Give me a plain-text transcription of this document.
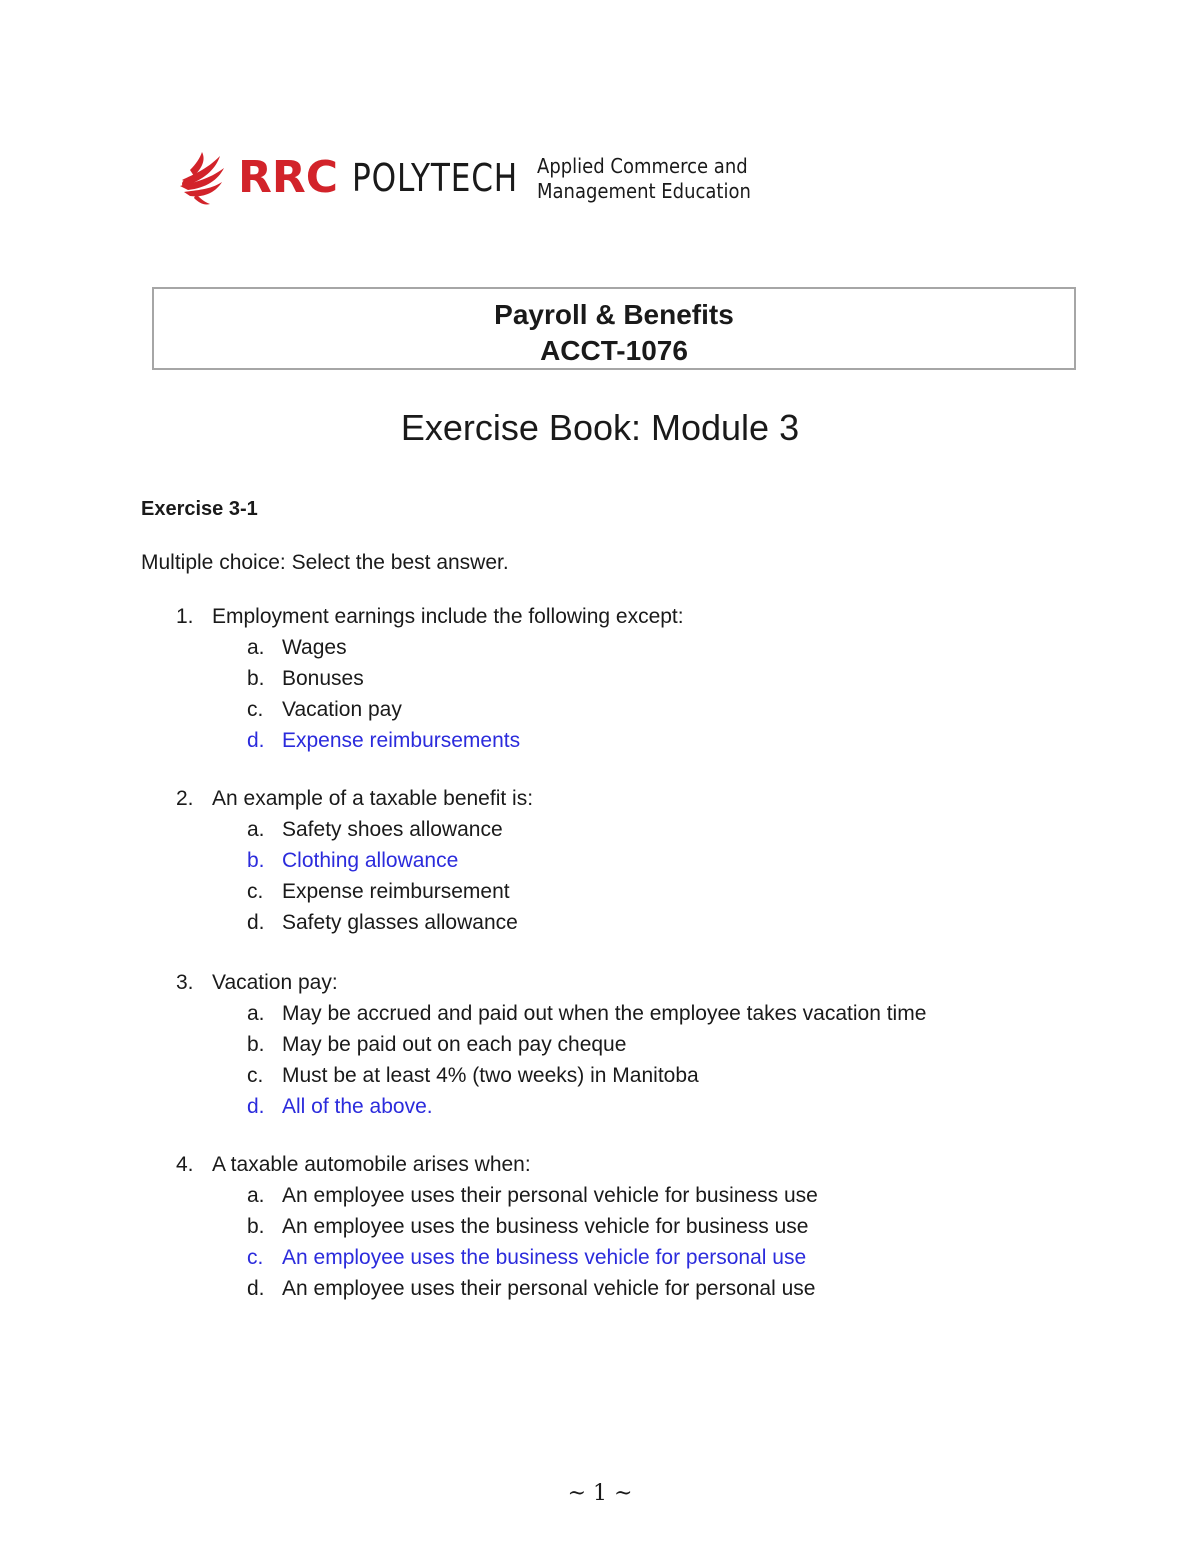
RRC POLYTECH Applied Commerce and
Management Education
Payroll & Benefits
ACCT-1076
Exercise Book: Module 3
Exercise 3-1
Multiple choice: Select the best answer.
1. Employment earnings include the following except:
a. Wages
b. Bonuses
c. Vacation pay
d. Expense reimbursements
2. An example of a taxable benefit is:
a. Safety shoes allowance
b. Clothing allowance
c. Expense reimbursement
d. Safety glasses allowance
3. Vacation pay:
a. May be accrued and paid out when the employee takes vacation time
b. May be paid out on each pay cheque
c. Must be at least 4% (two weeks) in Manitoba
d. All of the above.
4. A taxable automobile arises when:
a. An employee uses their personal vehicle for business use
b. An employee uses the business vehicle for business use
c. An employee uses the business vehicle for personal use
d. An employee uses their personal vehicle for personal use
~ 1 ~
